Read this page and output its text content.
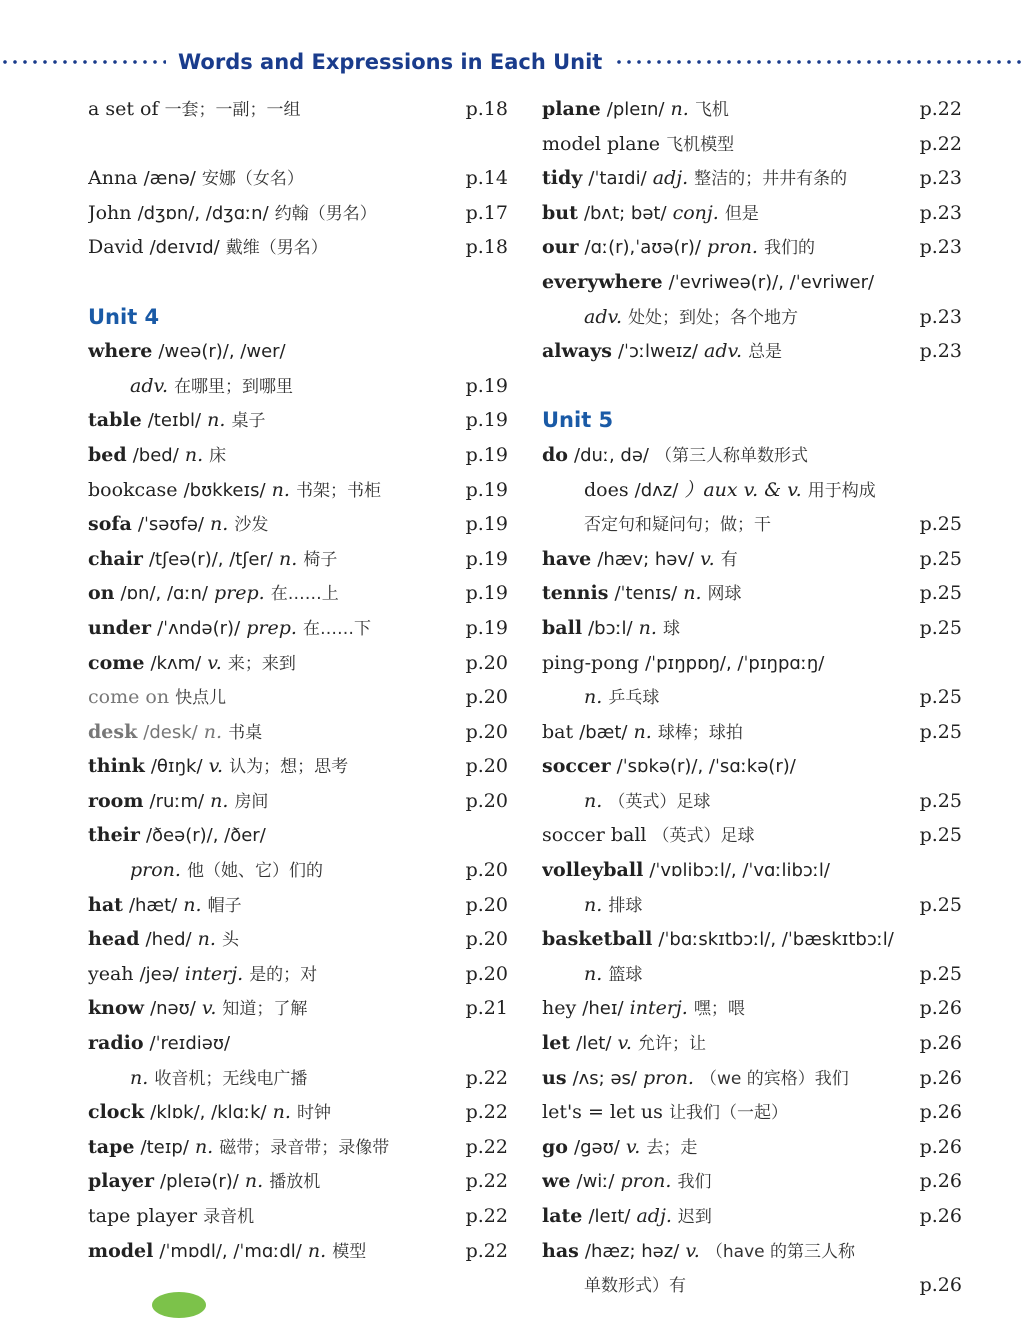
Words and Expressions in Each Unit
a set of 一套；一副；一组	p.18
Anna /ænə/ 安娜（女名）	p.14
John /dʒɒn/, /dʒɑːn/ 约翰（男名）	p.17
David /deɪvɪd/ 戴维（男名）	p.18
Unit 4
where /weə(r)/, /wer/
adv. 在哪里；到哪里	p.19
table /teɪbl/ n. 桌子	p.19
bed /bed/ n. 床	p.19
bookcase /bʊkkeɪs/ n. 书架；书柜	p.19
sofa /ˈsəʊfə/ n. 沙发	p.19
chair /tʃeə(r)/, /tʃer/ n. 椅子	p.19
on /ɒn/, /ɑːn/ prep. 在……上	p.19
under /ˈʌndə(r)/ prep. 在……下	p.19
come /kʌm/ v. 来；来到	p.20
come on 快点儿	p.20
desk /desk/ n. 书桌	p.20
think /θɪŋk/ v. 认为；想；思考	p.20
room /ruːm/ n. 房间	p.20
their /ðeə(r)/, /ðer/
pron. 他（她、它）们的	p.20
hat /hæt/ n. 帽子	p.20
head /hed/ n. 头	p.20
yeah /jeə/ interj. 是的；对	p.20
know /nəʊ/ v. 知道；了解	p.21
radio /ˈreɪdiəʊ/
n. 收音机；无线电广播	p.22
clock /klɒk/, /klɑːk/ n. 时钟	p.22
tape /teɪp/ n. 磁带；录音带；录像带	p.22
player /pleɪə(r)/ n. 播放机	p.22
tape player 录音机	p.22
model /ˈmɒdl/, /ˈmɑːdl/ n. 模型	p.22
plane /pleɪn/ n. 飞机	p.22
model plane 飞机模型	p.22
tidy /ˈtaɪdi/ adj. 整洁的；井井有条的	p.23
but /bʌt; bət/ conj. 但是	p.23
our /ɑː(r),ˈaʊə(r)/ pron. 我们的	p.23
everywhere /ˈevriweə(r)/, /ˈevriwer/
adv. 处处；到处；各个地方	p.23
always /ˈɔːlweɪz/ adv. 总是	p.23
Unit 5
do /duː, də/ （第三人称单数形式
does /dʌz/ ）aux v. & v. 用于构成
否定句和疑问句；做；干	p.25
have /hæv; həv/ v. 有	p.25
tennis /ˈtenɪs/ n. 网球	p.25
ball /bɔːl/ n. 球	p.25
ping-pong /ˈpɪŋpɒŋ/, /ˈpɪŋpɑːŋ/
n. 乒乓球	p.25
bat /bæt/ n. 球棒；球拍	p.25
soccer /ˈsɒkə(r)/, /ˈsɑːkə(r)/
n. （英式）足球	p.25
soccer ball （英式）足球	p.25
volleyball /ˈvɒlibɔːl/, /ˈvɑːlibɔːl/
n. 排球	p.25
basketball /ˈbɑːskɪtbɔːl/, /ˈbæskɪtbɔːl/
n. 篮球	p.25
hey /heɪ/ interj. 嘿；喂	p.26
let /let/ v. 允许；让	p.26
us /ʌs; əs/ pron. （we 的宾格）我们	p.26
let's = let us 让我们（一起）	p.26
go /gəʊ/ v. 去；走	p.26
we /wiː/ pron. 我们	p.26
late /leɪt/ adj. 迟到	p.26
has /hæz; həz/ v. （have 的第三人称
单数形式）有	p.26
